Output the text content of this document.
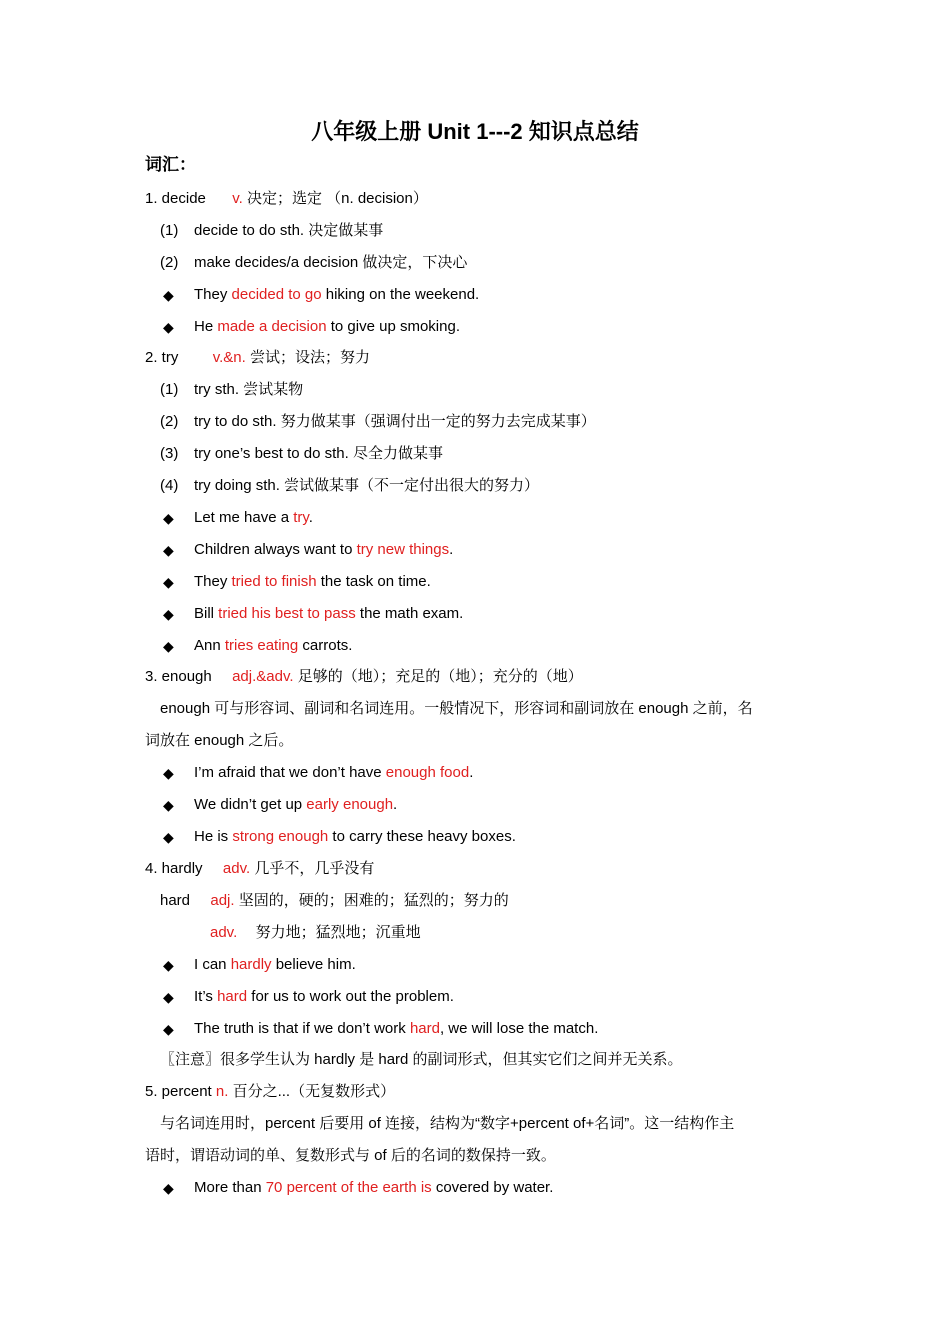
八年级上册 Unit 1---2 知识点总结
词汇：
1. decide v. 决定；选定 （n. decision）
(1) decide to do sth. 决定做某事
(2) make decides/a decision 做决定，下决心
◆ They decided to go hiking on the weekend.
◆ He made a decision to give up smoking.
2. try v.&n. 尝试；设法；努力
(1) try sth. 尝试某物
(2) try to do sth. 努力做某事（强调付出一定的努力去完成某事）
(3) try one’s best to do sth. 尽全力做某事
(4) try doing sth. 尝试做某事（不一定付出很大的努力）
◆ Let me have a try.
◆ Children always want to try new things.
◆ They tried to finish the task on time.
◆ Bill tried his best to pass the math exam.
◆ Ann tries eating carrots.
3. enough adj.&adv. 足够的（地）；充足的（地）；充分的（地）
enough 可与形容词、副词和名词连用。一般情况下，形容词和副词放在 enough 之前，名
词放在 enough 之后。
◆ I’m afraid that we don’t have enough food.
◆ We didn’t get up early enough.
◆ He is strong enough to carry these heavy boxes.
4. hardly adv. 几乎不，几乎没有
hard adj. 坚固的，硬的；困难的；猛烈的；努力的
adv. 努力地；猛烈地；沉重地
◆ I can hardly believe him.
◆ It’s hard for us to work out the problem.
◆ The truth is that if we don’t work hard, we will lose the match.
〖注意〗很多学生认为 hardly 是 hard 的副词形式，但其实它们之间并无关系。
5. percent n. 百分之...（无复数形式）
与名词连用时，percent 后要用 of 连接，结构为“数字+percent of+名词”。这一结构作主
语时，谓语动词的单、复数形式与 of 后的名词的数保持一致。
◆ More than 70 percent of the earth is covered by water.
